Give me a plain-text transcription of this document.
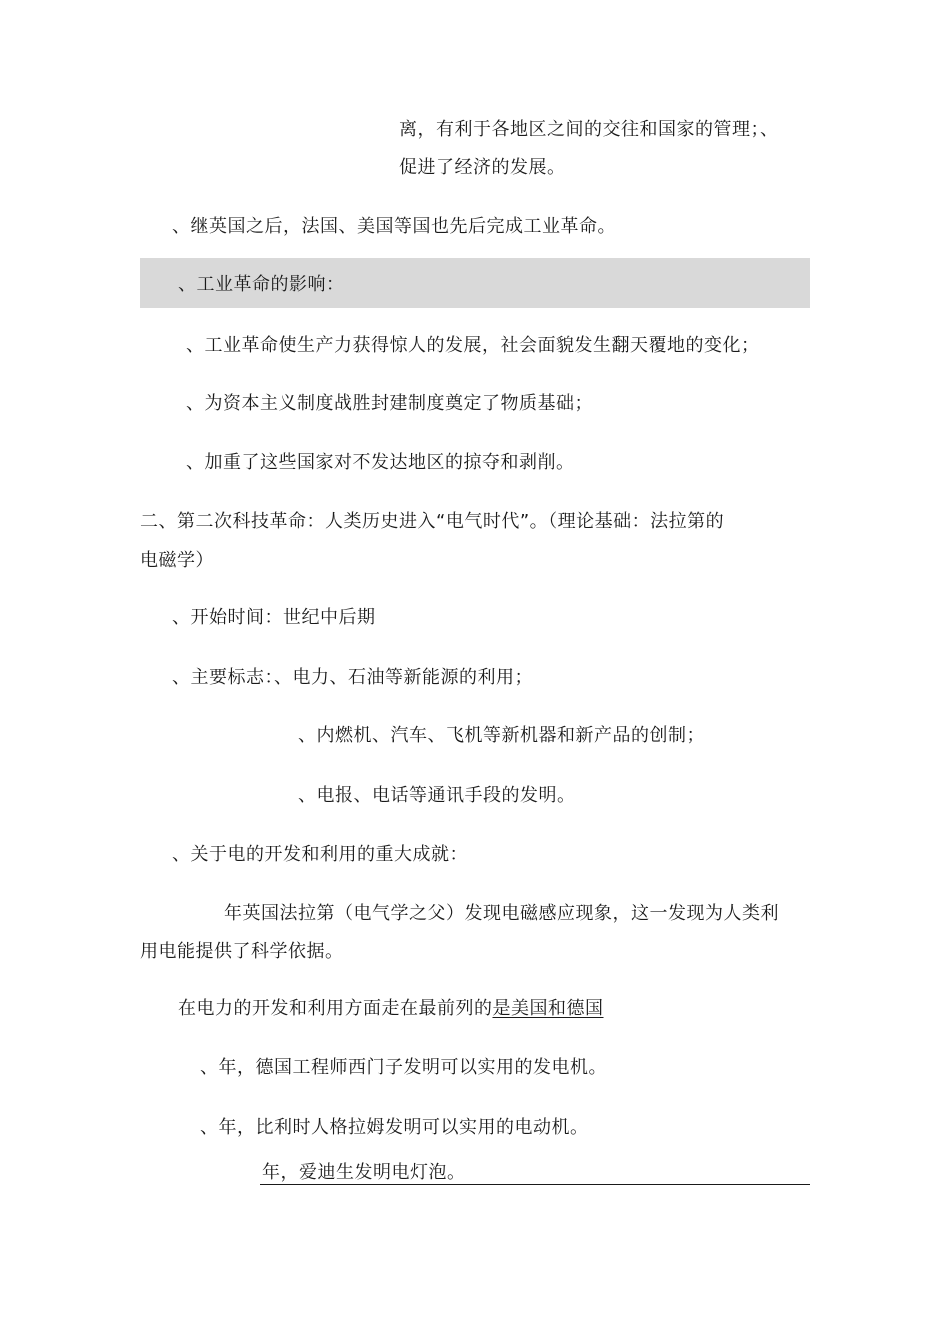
离，有利于各地区之间的交往和国家的管理；、
促进了经济的发展。
、继英国之后，法国、美国等国也先后完成工业革命。
、工业革命的影响：
、工业革命使生产力获得惊人的发展，社会面貌发生翻天覆地的变化；
、为资本主义制度战胜封建制度奠定了物质基础；
、加重了这些国家对不发达地区的掠夺和剥削。
二、第二次科技革命：人类历史进入“电气时代”。（理论基础：法拉第的
电磁学）
、开始时间：世纪中后期
、主要标志：、电力、石油等新能源的利用；
、内燃机、汽车、飞机等新机器和新产品的创制；
、电报、电话等通讯手段的发明。
、关于电的开发和利用的重大成就：
年英国法拉第（电气学之父）发现电磁感应现象，这一发现为人类利
用电能提供了科学依据。
在电力的开发和利用方面走在最前列的是美国和德国
、年，德国工程师西门子发明可以实用的发电机。
、年，比利时人格拉姆发明可以实用的电动机。
年，爱迪生发明电灯泡。
